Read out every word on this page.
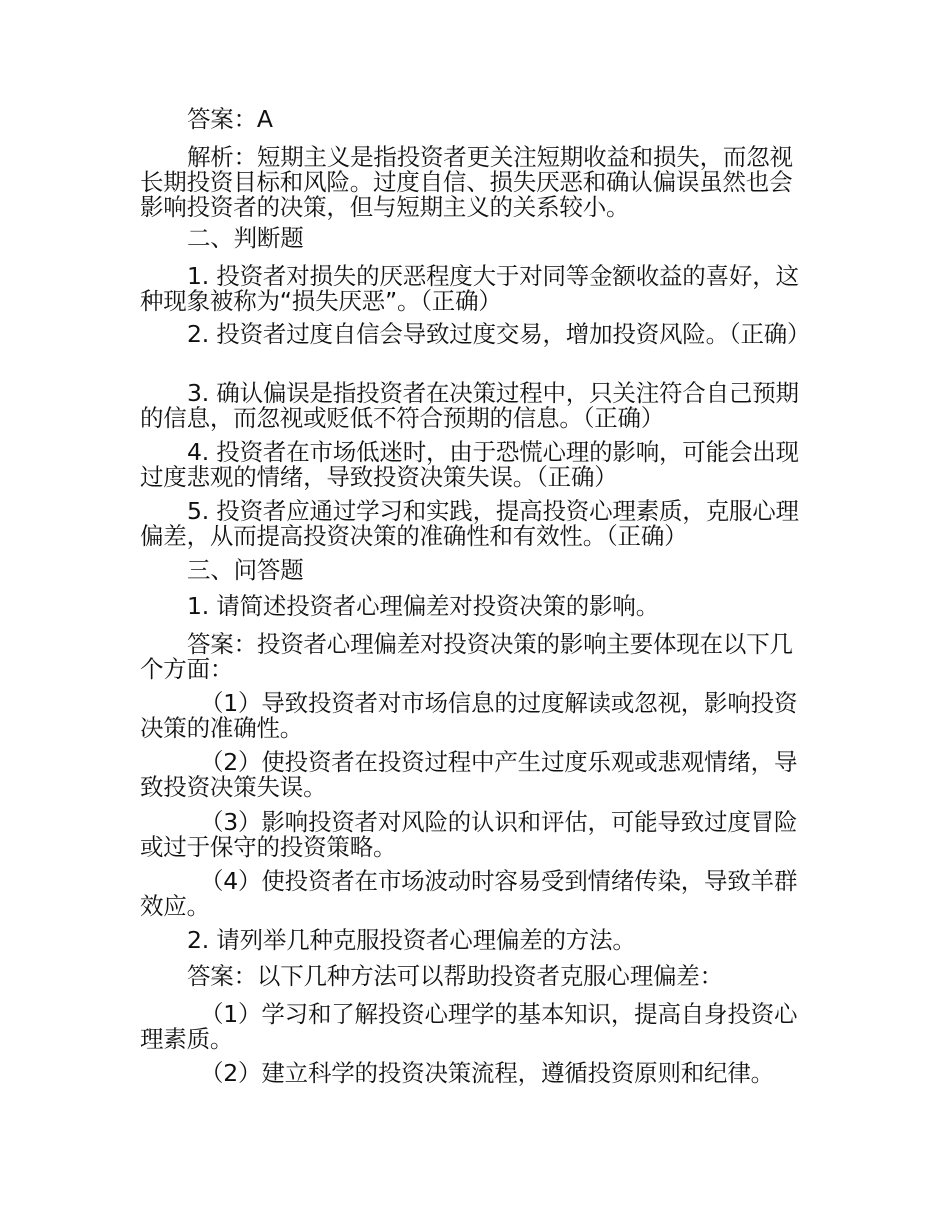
答案：A

解析：短期主义是指投资者更关注短期收益和损失，而忽视长期投资目标和风险。过度自信、损失厌恶和确认偏误虽然也会影响投资者的决策，但与短期主义的关系较小。

二、判断题

1. 投资者对损失的厌恶程度大于对同等金额收益的喜好，这种现象被称为“损失厌恶”。（正确）

2. 投资者过度自信会导致过度交易，增加投资风险。（正确）

3. 确认偏误是指投资者在决策过程中，只关注符合自己预期的信息，而忽视或贬低不符合预期的信息。（正确）

4. 投资者在市场低迷时，由于恐慌心理的影响，可能会出现过度悲观的情绪，导致投资决策失误。（正确）

5. 投资者应通过学习和实践，提高投资心理素质，克服心理偏差，从而提高投资决策的准确性和有效性。（正确）

三、问答题

1. 请简述投资者心理偏差对投资决策的影响。

答案：投资者心理偏差对投资决策的影响主要体现在以下几个方面：

（1）导致投资者对市场信息的过度解读或忽视，影响投资决策的准确性。

（2）使投资者在投资过程中产生过度乐观或悲观情绪，导致投资决策失误。

（3）影响投资者对风险的认识和评估，可能导致过度冒险或过于保守的投资策略。

（4）使投资者在市场波动时容易受到情绪传染，导致羊群效应。

2. 请列举几种克服投资者心理偏差的方法。

答案：以下几种方法可以帮助投资者克服心理偏差：

（1）学习和了解投资心理学的基本知识，提高自身投资心理素质。

（2）建立科学的投资决策流程，遵循投资原则和纪律。
